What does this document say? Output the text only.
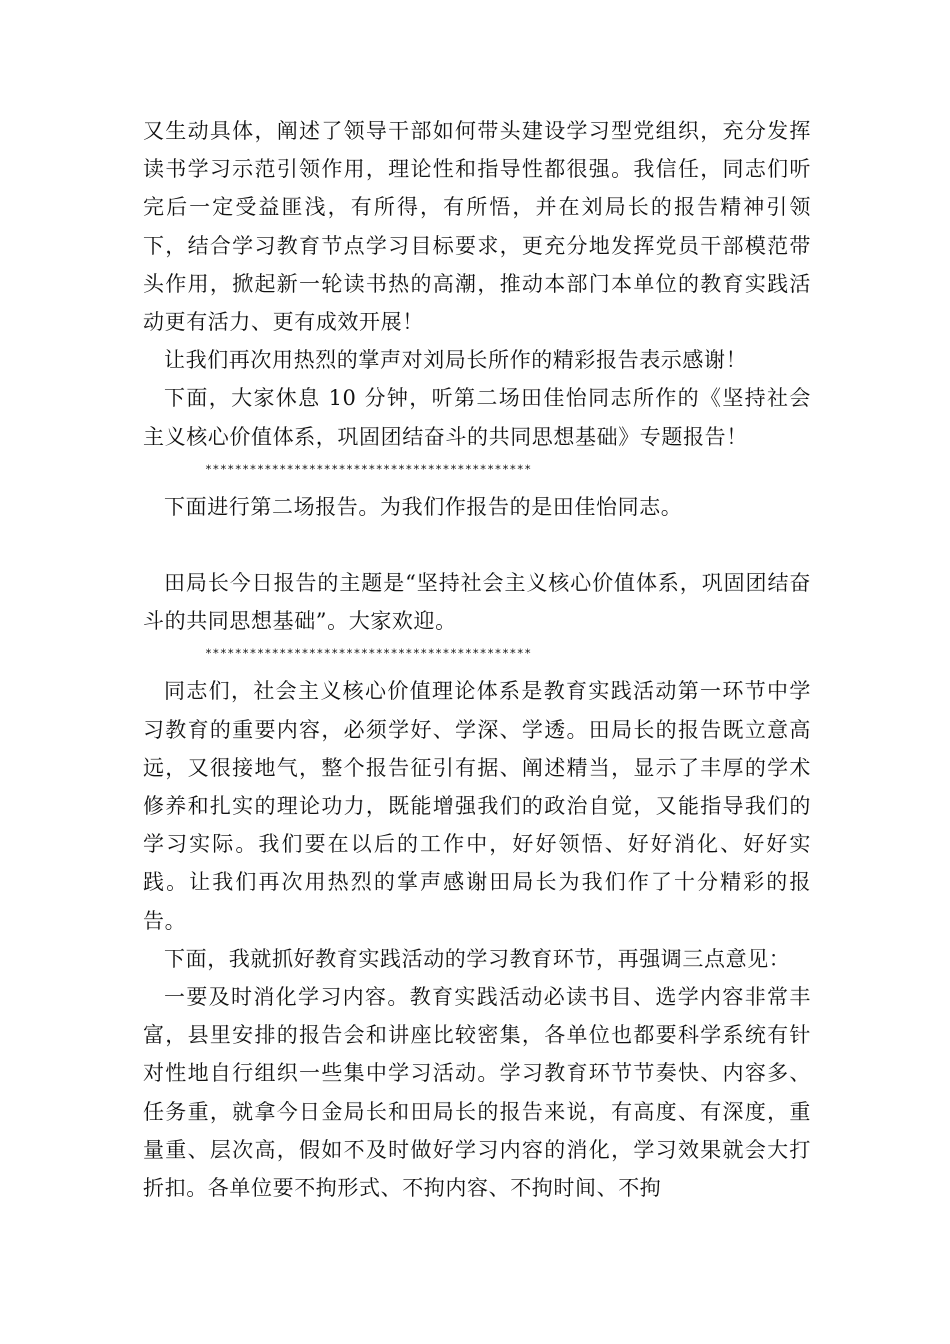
又生动具体，阐述了领导干部如何带头建设学习型党组织，充分发挥读书学习示范引领作用，理论性和指导性都很强。我信任，同志们听完后一定受益匪浅，有所得，有所悟，并在刘局长的报告精神引领下，结合学习教育节点学习目标要求，更充分地发挥党员干部模范带头作用，掀起新一轮读书热的高潮，推动本部门本单位的教育实践活动更有活力、更有成效开展！

让我们再次用热烈的掌声对刘局长所作的精彩报告表示感谢！

下面，大家休息 10 分钟，听第二场田佳怡同志所作的《坚持社会主义核心价值体系，巩固团结奋斗的共同思想基础》专题报告！

********************************************

下面进行第二场报告。为我们作报告的是田佳怡同志。

田局长今日报告的主题是“坚持社会主义核心价值体系，巩固团结奋斗的共同思想基础”。大家欢迎。

********************************************

同志们，社会主义核心价值理论体系是教育实践活动第一环节中学习教育的重要内容，必须学好、学深、学透。田局长的报告既立意高远，又很接地气，整个报告征引有据、阐述精当，显示了丰厚的学术修养和扎实的理论功力，既能增强我们的政治自觉，又能指导我们的学习实际。我们要在以后的工作中，好好领悟、好好消化、好好实践。让我们再次用热烈的掌声感谢田局长为我们作了十分精彩的报告。

下面，我就抓好教育实践活动的学习教育环节，再强调三点意见：

一要及时消化学习内容。教育实践活动必读书目、选学内容非常丰富，县里安排的报告会和讲座比较密集，各单位也都要科学系统有针对性地自行组织一些集中学习活动。学习教育环节节奏快、内容多、任务重，就拿今日金局长和田局长的报告来说，有高度、有深度，重量重、层次高，假如不及时做好学习内容的消化，学习效果就会大打折扣。各单位要不拘形式、不拘内容、不拘时间、不拘
